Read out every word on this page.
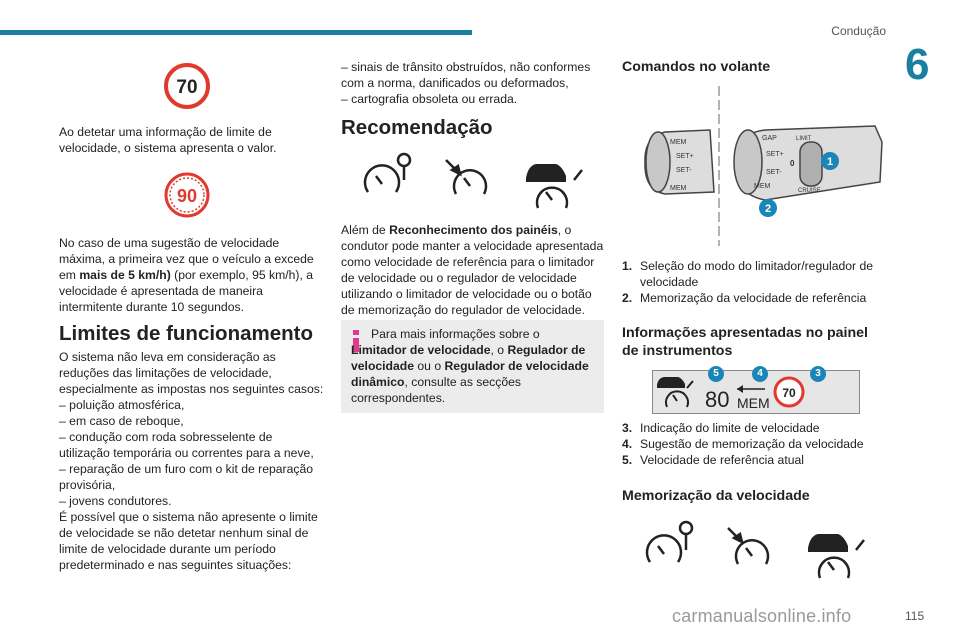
Condução
6
70

Ao detetar uma informação de limite de velocidade, o sistema apresenta o valor.

90

No caso de uma sugestão de velocidade máxima, a primeira vez que o veículo a excede em mais de 5 km/h) (por exemplo, 95 km/h), a velocidade é apresentada de maneira intermitente durante 10 segundos.

Limites de funcionamento

O sistema não leva em consideração as reduções das limitações de velocidade, especialmente as impostas nos seguintes casos:

– poluição atmosférica,

– em caso de reboque,

– condução com roda sobresselente de utilização temporária ou correntes para a neve,

– reparação de um furo com o kit de reparação provisória,

– jovens condutores.

É possível que o sistema não apresente o limite de velocidade se não detetar nenhum sinal de limite de velocidade durante um período predeterminado e nas seguintes situações:

– sinais de trânsito obstruídos, não conformes com a norma, danificados ou deformados,

– cartografia obsoleta ou errada.

Recomendação

Além de Reconhecimento dos painéis, o condutor pode manter a velocidade apresentada como velocidade de referência para o limitador de velocidade ou o regulador de velocidade utilizando o limitador de velocidade ou o botão de memorização do regulador de velocidade.

Para mais informações sobre o Limitador de velocidade, o Regulador de velocidade ou o Regulador de velocidade dinâmico, consulte as secções correspondentes.

Comandos no volante
MEM
SET+
SET-
MEM
GAP
SET+
SET-
LIMIT
CRUISE
0
MEM
1
2
1. Seleção do modo do limitador/regulador de velocidade
2. Memorização da velocidade de referência
Informações apresentadas no painel de instrumentos
80 MEM
70
5	4	3
3. Indicação do limite de velocidade
4. Sugestão de memorização da velocidade
5. Velocidade de referência atual
Memorização da velocidade
carmanualsonline.info	115
